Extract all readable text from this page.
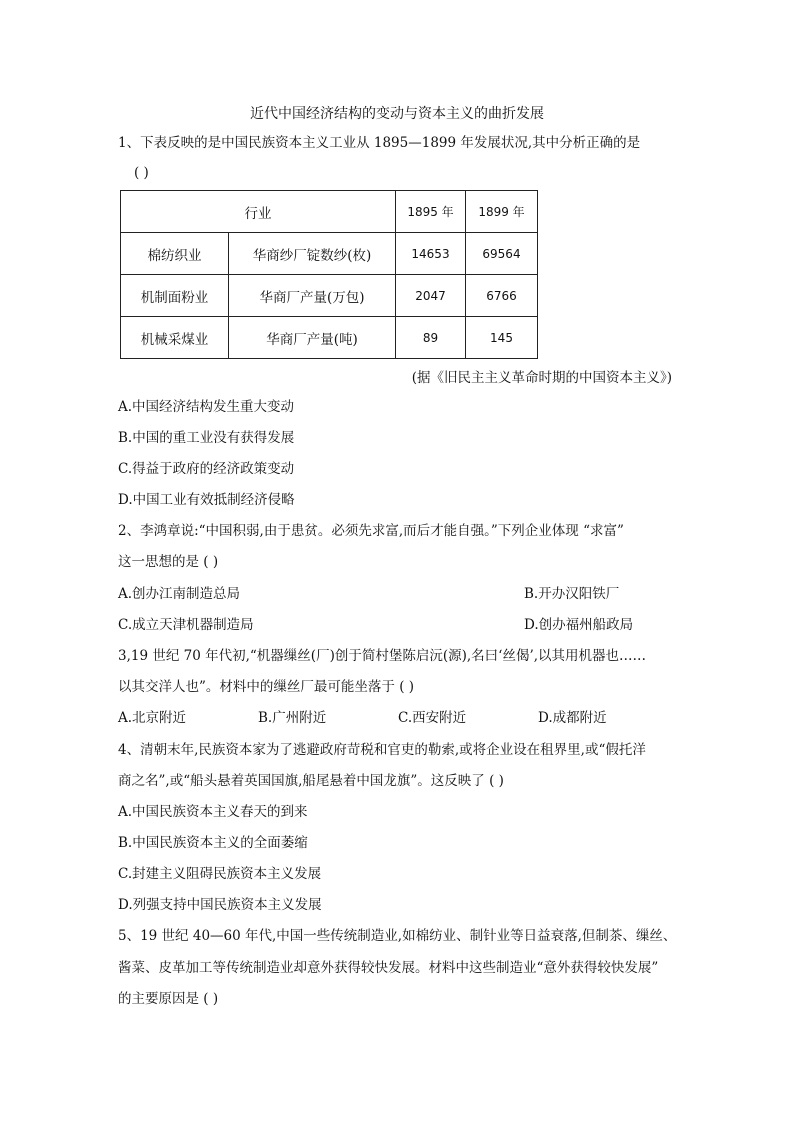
近代中国经济结构的变动与资本主义的曲折发展
1、下表反映的是中国民族资本主义工业从 1895—1899 年发展状况,其中分析正确的是
( )
行业		1895 年	1899 年
棉纺织业	华商纱厂锭数纱(枚)	14653	69564
机制面粉业	华商厂产量(万包)	2047	6766
机械采煤业	华商厂产量(吨)	89	145
(据《旧民主主义革命时期的中国资本主义》)
A.中国经济结构发生重大变动
B.中国的重工业没有获得发展
C.得益于政府的经济政策变动
D.中国工业有效抵制经济侵略
2、李鸿章说:“中国积弱,由于患贫。必须先求富,而后才能自强。”下列企业体现 “求富”
这一思想的是 ( )
A.创办江南制造总局	B.开办汉阳铁厂
C.成立天津机器制造局	D.创办福州船政局
3,19 世纪 70 年代初,“机器缫丝(厂)创于简村堡陈启沅(源),名曰‘丝偈’,以其用机器也……
以其交洋人也”。材料中的缫丝厂最可能坐落于 ( )
A.北京附近	B.广州附近	C.西安附近	D.成都附近
4、清朝末年,民族资本家为了逃避政府苛税和官吏的勒索,或将企业设在租界里,或“假托洋
商之名”,或“船头悬着英国国旗,船尾悬着中国龙旗”。这反映了 ( )
A.中国民族资本主义春天的到来
B.中国民族资本主义的全面萎缩
C.封建主义阻碍民族资本主义发展
D.列强支持中国民族资本主义发展
5、19 世纪 40—60 年代,中国一些传统制造业,如棉纺业、制针业等日益衰落,但制茶、缫丝、
酱菜、皮革加工等传统制造业却意外获得较快发展。材料中这些制造业“意外获得较快发展”
的主要原因是 ( )
